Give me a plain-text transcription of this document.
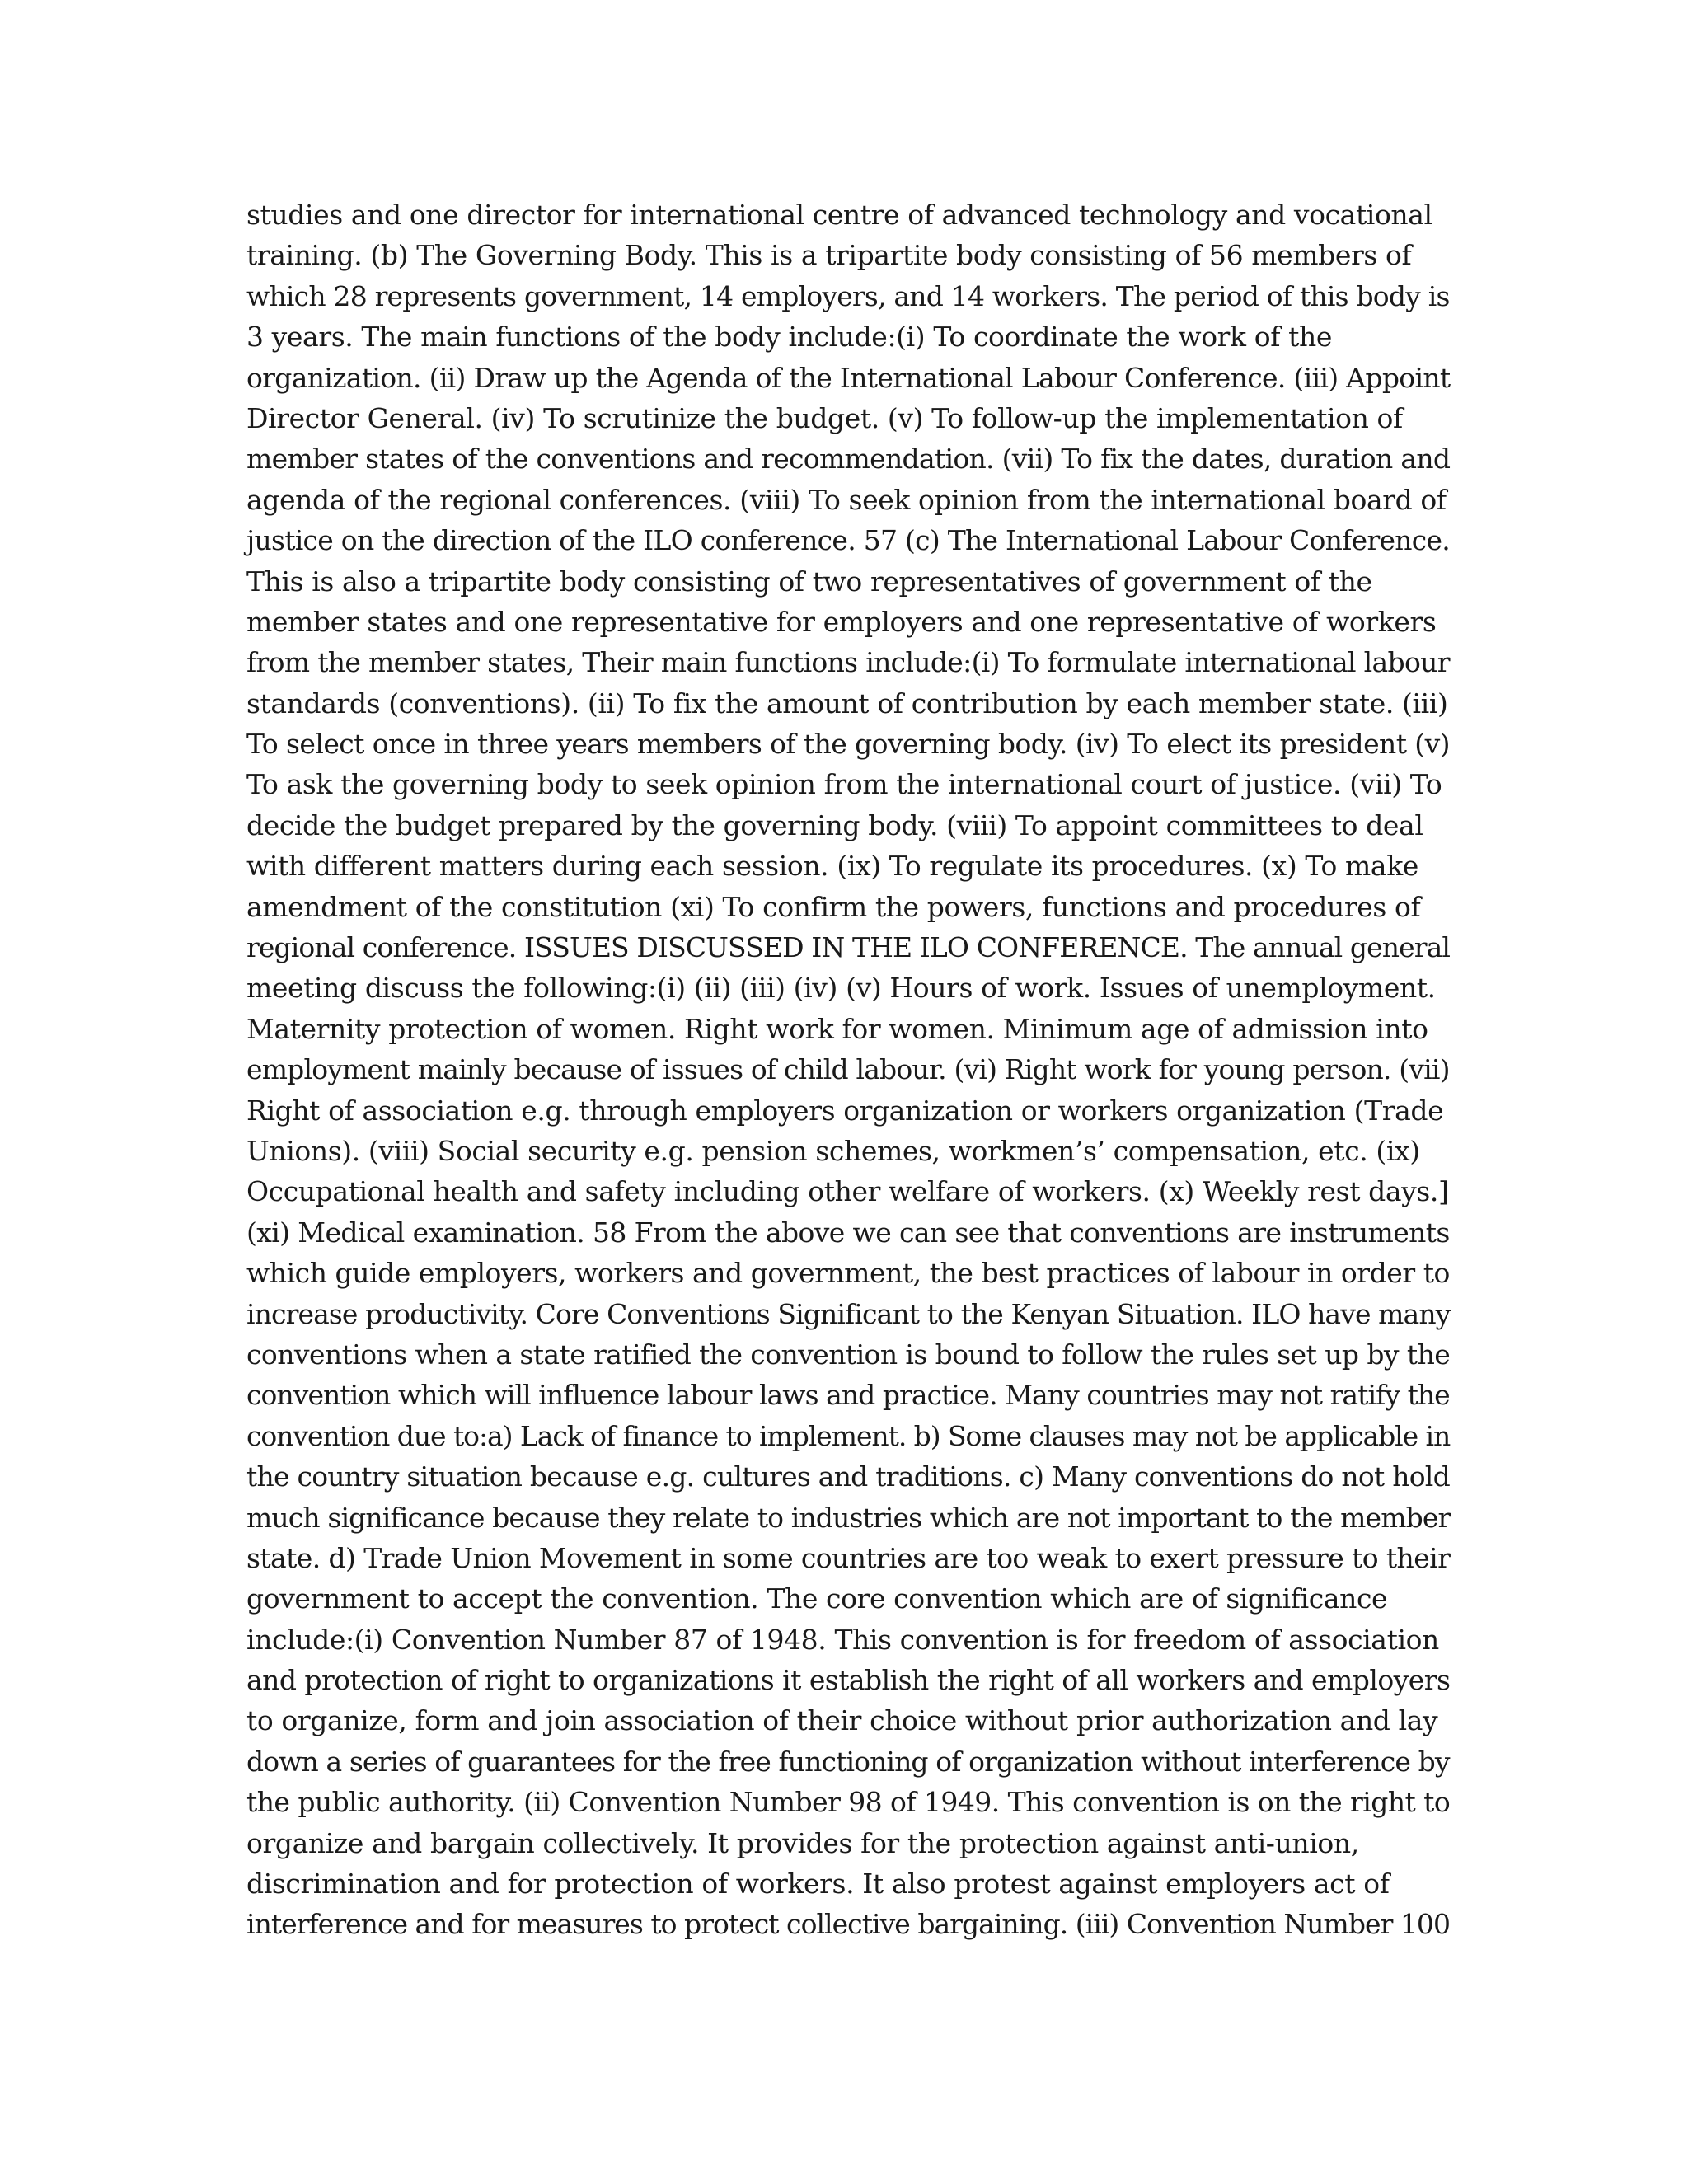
studies and one director for international centre of advanced technology and vocational
training. (b) The Governing Body. This is a tripartite body consisting of 56 members of
which 28 represents government, 14 employers, and 14 workers. The period of this body is
3 years. The main functions of the body include:(i) To coordinate the work of the
organization. (ii) Draw up the Agenda of the International Labour Conference. (iii) Appoint
Director General. (iv) To scrutinize the budget. (v) To follow-up the implementation of
member states of the conventions and recommendation. (vii) To fix the dates, duration and
agenda of the regional conferences. (viii) To seek opinion from the international board of
justice on the direction of the ILO conference. 57 (c) The International Labour Conference.
This is also a tripartite body consisting of two representatives of government of the
member states and one representative for employers and one representative of workers
from the member states, Their main functions include:(i) To formulate international labour
standards (conventions). (ii) To fix the amount of contribution by each member state. (iii)
To select once in three years members of the governing body. (iv) To elect its president (v)
To ask the governing body to seek opinion from the international court of justice. (vii) To
decide the budget prepared by the governing body. (viii) To appoint committees to deal
with different matters during each session. (ix) To regulate its procedures. (x) To make
amendment of the constitution (xi) To confirm the powers, functions and procedures of
regional conference. ISSUES DISCUSSED IN THE ILO CONFERENCE. The annual general
meeting discuss the following:(i) (ii) (iii) (iv) (v) Hours of work. Issues of unemployment.
Maternity protection of women. Right work for women. Minimum age of admission into
employment mainly because of issues of child labour. (vi) Right work for young person. (vii)
Right of association e.g. through employers organization or workers organization (Trade
Unions). (viii) Social security e.g. pension schemes, workmen’s’ compensation, etc. (ix)
Occupational health and safety including other welfare of workers. (x) Weekly rest days.]
(xi) Medical examination. 58 From the above we can see that conventions are instruments
which guide employers, workers and government, the best practices of labour in order to
increase productivity. Core Conventions Significant to the Kenyan Situation. ILO have many
conventions when a state ratified the convention is bound to follow the rules set up by the
convention which will influence labour laws and practice. Many countries may not ratify the
convention due to:a) Lack of finance to implement. b) Some clauses may not be applicable in
the country situation because e.g. cultures and traditions. c) Many conventions do not hold
much significance because they relate to industries which are not important to the member
state. d) Trade Union Movement in some countries are too weak to exert pressure to their
government to accept the convention. The core convention which are of significance
include:(i) Convention Number 87 of 1948. This convention is for freedom of association
and protection of right to organizations it establish the right of all workers and employers
to organize, form and join association of their choice without prior authorization and lay
down a series of guarantees for the free functioning of organization without interference by
the public authority. (ii) Convention Number 98 of 1949. This convention is on the right to
organize and bargain collectively. It provides for the protection against anti-union,
discrimination and for protection of workers. It also protest against employers act of
interference and for measures to protect collective bargaining. (iii) Convention Number 100
